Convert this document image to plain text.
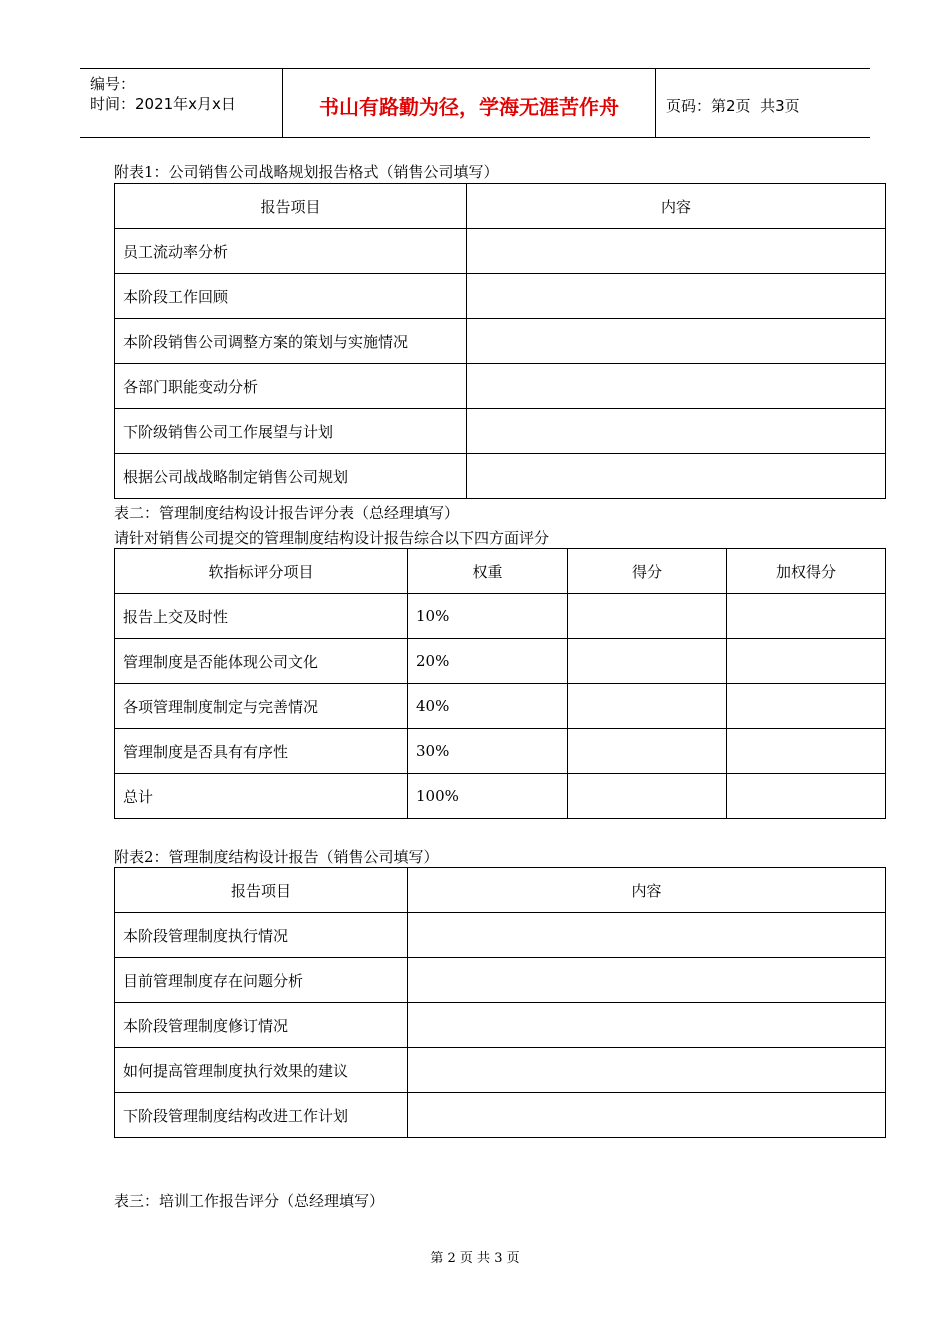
编号：
时间：2021年x月x日	书山有路勤为径，学海无涯苦作舟	页码：第2页  共3页
附表1：公司销售公司战略规划报告格式（销售公司填写）
报告项目	内容
员工流动率分析	
本阶段工作回顾	
本阶段销售公司调整方案的策划与实施情况	
各部门职能变动分析	
下阶级销售公司工作展望与计划	
根据公司战战略制定销售公司规划	
表二：管理制度结构设计报告评分表（总经理填写）
请针对销售公司提交的管理制度结构设计报告综合以下四方面评分
软指标评分项目	权重	得分	加权得分
报告上交及时性	10%		
管理制度是否能体现公司文化	20%		
各项管理制度制定与完善情况	40%		
管理制度是否具有有序性	30%		
总计	100%		
附表2：管理制度结构设计报告（销售公司填写）
报告项目	内容
本阶段管理制度执行情况	
目前管理制度存在问题分析	
本阶段管理制度修订情况	
如何提高管理制度执行效果的建议	
下阶段管理制度结构改进工作计划	
表三：培训工作报告评分（总经理填写）
第 2 页 共 3 页
